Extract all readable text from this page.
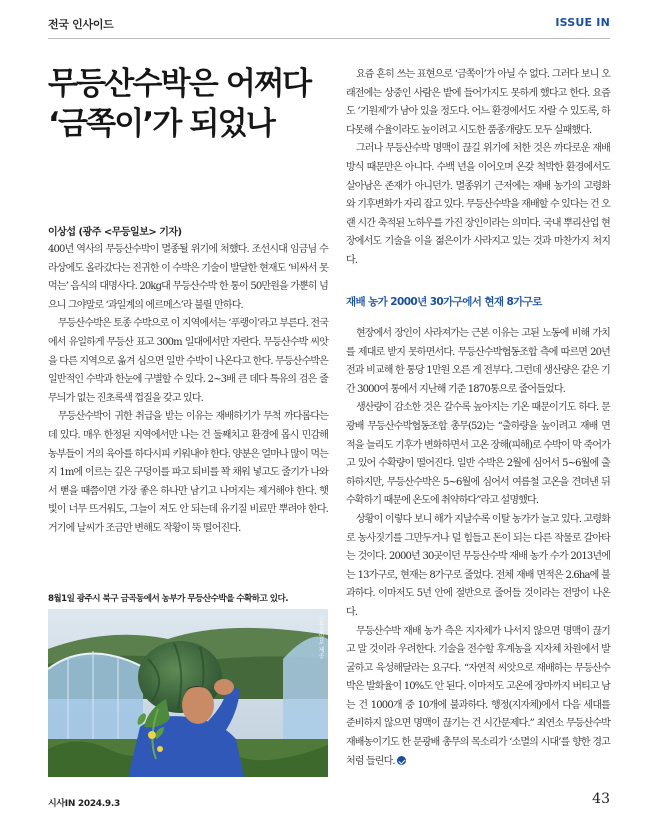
전국 인사이드	ISSUE IN
무등산수박은 어쩌다
‘금쪽이’가 되었나
이상섭 (광주 <무등일보> 기자)

400년 역사의 무등산수박이 멸종될 위기에 처했다. 조선시대 임금님 수라상에도 올라갔다는 진귀한 이 수박은 기술이 발달한 현재도 ‘비싸서 못 먹는’ 음식의 대명사다. 20kg대 무등산수박 한 통이 50만원을 가뿐히 넘으니 그야말로 ‘과일계의 에르메스’라 불릴 만하다.

무등산수박은 토종 수박으로 이 지역에서는 ‘푸랭이’라고 부른다. 전국에서 유일하게 무등산 표고 300m 일대에서만 자란다. 무등산수박 씨앗을 다른 지역으로 옮겨 심으면 일반 수박이 나온다고 한다. 무등산수박은 일반적인 수박과 한눈에 구별할 수 있다. 2~3배 큰 데다 특유의 검은 줄무늬가 없는 진초록색 껍질을 갖고 있다.

무등산수박이 귀한 취급을 받는 이유는 재배하기가 무척 까다롭다는 데 있다. 매우 한정된 지역에서만 나는 건 둘째치고 환경에 몹시 민감해 농부들이 거의 육아를 하다시피 키워내야 한다. 양분은 얼마나 많이 먹는지 1m에 이르는 깊은 구덩이를 파고 퇴비를 꽉 채워 넣고도 줄기가 나와서 뻗을 때쯤이면 가장 좋은 하나만 남기고 나머지는 제거해야 한다. 햇빛이 너무 뜨거워도, 그늘이 져도 안 되는데 유기질 비료만 뿌려야 한다. 거기에 날씨가 조금만 변해도 작황이 뚝 떨어진다.

8월1일 광주시 북구 금곡동에서 농부가 무등산수박을 수확하고 있다.
ⓒ무등일보 제공

요즘 흔히 쓰는 표현으로 ‘금쪽이’가 아닐 수 없다. 그러다 보니 오래전에는 상중인 사람은 밭에 들어가지도 못하게 했다고 한다. 요즘도 ‘기원제’가 남아 있을 정도다. 어느 환경에서도 자랄 수 있도록, 하다못해 수율이라도 높이려고 시도한 품종개량도 모두 실패했다.

그러나 무등산수박 명맥이 끊길 위기에 처한 것은 까다로운 재배 방식 때문만은 아니다. 수백 년을 이어오며 온갖 척박한 환경에서도 살아남은 존재가 아니던가. 멸종위기 근저에는 재배 농가의 고령화와 기후변화가 자리 잡고 있다. 무등산수박을 재배할 수 있다는 건 오랜 시간 축적된 노하우를 가진 장인이라는 의미다. 국내 뿌리산업 현장에서도 기술을 이을 젊은이가 사라지고 있는 것과 마찬가지 처지다.

재배 농가 2000년 30가구에서 현재 8가구로

현장에서 장인이 사라져가는 근본 이유는 고된 노동에 비해 가치를 제대로 받지 못하면서다. 무등산수박협동조합 측에 따르면 20년 전과 비교해 한 통당 1만원 오른 게 전부다. 그런데 생산량은 같은 기간 3000여 통에서 지난해 기준 1870통으로 줄어들었다.

생산량이 감소한 것은 갈수록 높아지는 기온 때문이기도 하다. 문광배 무등산수박협동조합 총무(52)는 “출하량을 높이려고 재배 면적을 늘리도 기후가 변화하면서 고온 장해(피해)로 수박이 막 죽어가고 있어 수확량이 떨어진다. 일반 수박은 2월에 심어서 5~6월에 출하하지만, 무등산수박은 5~6월에 심어서 여름철 고온을 견뎌낸 뒤 수확하기 때문에 온도에 취약하다”라고 설명했다.

상황이 이렇다 보니 해가 지날수록 이탈 농가가 늘고 있다. 고령화로 농사짓기를 그만두거나 덜 힘들고 돈이 되는 다른 작물로 갈아타는 것이다. 2000년 30곳이던 무등산수박 재배 농가 수가 2013년에는 13가구로, 현재는 8가구로 줄었다. 전체 재배 면적은 2.6ha에 불과하다. 이마저도 5년 안에 절반으로 줄어들 것이라는 전망이 나온다.

무등산수박 재배 농가 측은 지자체가 나서지 않으면 명맥이 끊기고 말 것이라 우려한다. 기술을 전수할 후계농을 지자체 차원에서 발굴하고 육성해달라는 요구다. “자연적 씨앗으로 재배하는 무등산수박은 발화율이 10%도 안 된다. 이마저도 고온에 장마까지 버티고 남는 건 1000개 중 10개에 불과하다. 행정(지자체)에서 다음 세대를 준비하지 않으면 명맥이 끊기는 건 시간문제다.” 최연소 무등산수박 재배농이기도 한 문광배 총무의 목소리가 ‘소멸의 시대’를 향한 경고처럼 들린다.

시사IN 2024.9.3	43
